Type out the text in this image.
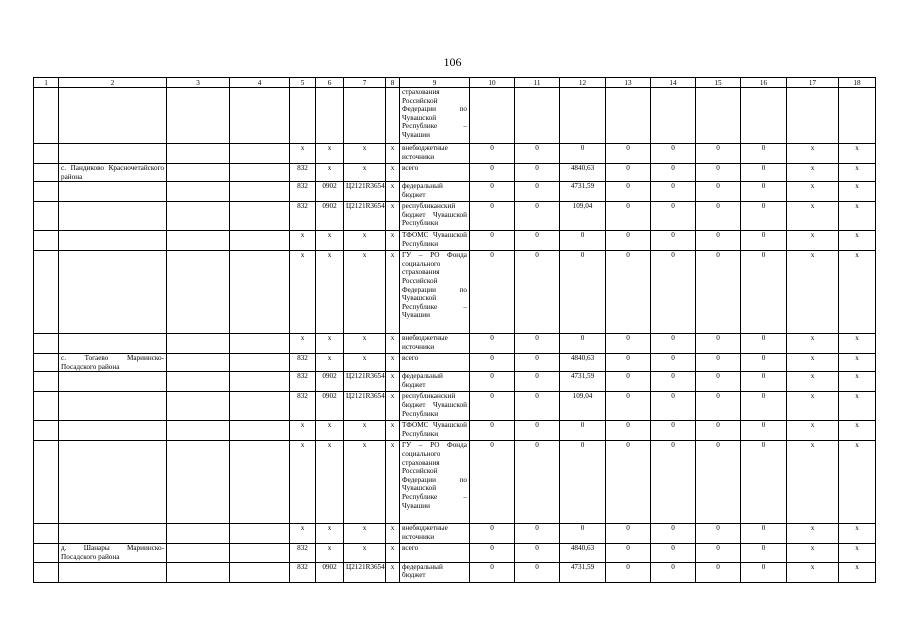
106
1	2	3	4	5	6	7	8	9	10	11	12	13	14	15	16	17	18
								страхования Российской Федерации по Чувашской Республике – Чувашии									
				x	x	x	x	внебюджетные источники	0	0	0	0	0	0	0	x	x
	с. Пандиково Красночетайского района			832	x	x	x	всего	0	0	4840,63	0	0	0	0	x	x
				832	0902	Ц2121R3654	x	федеральный бюджет	0	0	4731,59	0	0	0	0	x	x
				832	0902	Ц2121R3654	x	республиканский бюджет Чувашской Республики	0	0	109,04	0	0	0	0	x	x
				x	x	x	x	ТФОМС Чувашской Республики	0	0	0	0	0	0	0	x	x
				x	x	x	x	ГУ – РО Фонда социального страхования Российской Федерации по Чувашской Республике – Чувашии	0	0	0	0	0	0	0	x	x
				x	x	x	x	внебюджетные источники	0	0	0	0	0	0	0	x	x
	с. Тогаево Мариинско-Посадского района			832	x	x	x	всего	0	0	4840,63	0	0	0	0	x	x
				832	0902	Ц2121R3654	x	федеральный бюджет	0	0	4731,59	0	0	0	0	x	x
				832	0902	Ц2121R3654	x	республиканский бюджет Чувашской Республики	0	0	109,04	0	0	0	0	x	x
				x	x	x	x	ТФОМС Чувашской Республики	0	0	0	0	0	0	0	x	x
				x	x	x	x	ГУ – РО Фонда социального страхования Российской Федерации по Чувашской Республике – Чувашии	0	0	0	0	0	0	0	x	x
				x	x	x	x	внебюджетные источники	0	0	0	0	0	0	0	x	x
	д. Шанары Мариинско-Посадского района			832	x	x	x	всего	0	0	4840,63	0	0	0	0	x	x
				832	0902	Ц2121R3654	x	федеральный бюджет	0	0	4731,59	0	0	0	0	x	x
